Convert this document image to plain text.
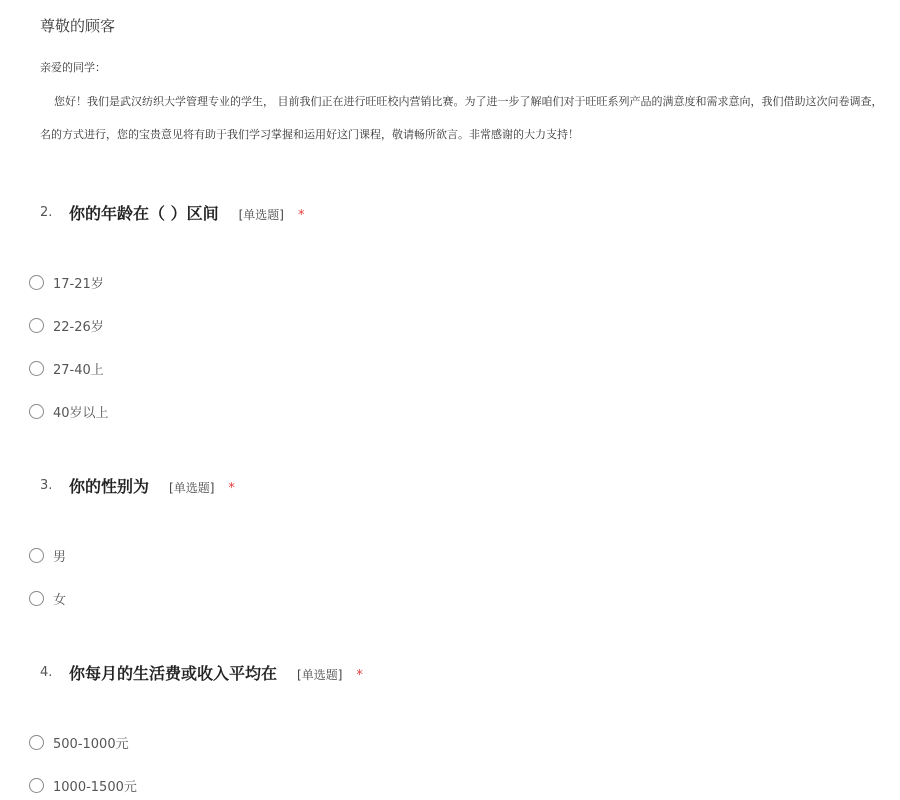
尊敬的顾客
亲爱的同学：
您好！我们是武汉纺织大学管理专业的学生， 目前我们正在进行旺旺校内营销比赛。为了进一步了解咱们对于旺旺系列产品的满意度和需求意向，我们借助这次问卷调查，
名的方式进行，您的宝贵意见将有助于我们学习掌握和运用好这门课程，敬请畅所欲言。非常感谢的大力支持！
2. 你的年龄在（ ）区间 [单选题] *
17-21岁
22-26岁
27-40上
40岁以上
3. 你的性别为 [单选题] *
男
女
4. 你每月的生活费或收入平均在 [单选题] *
500-1000元
1000-1500元
